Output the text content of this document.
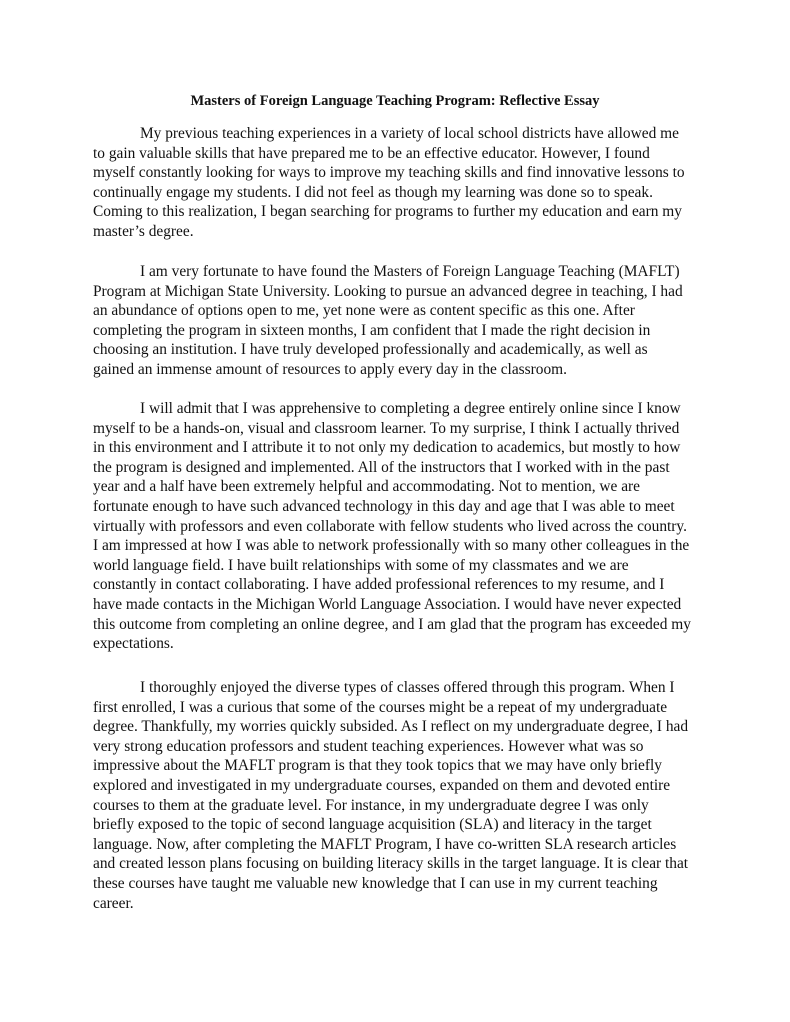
Masters of Foreign Language Teaching Program: Reflective Essay

My previous teaching experiences in a variety of local school districts have allowed me
to gain valuable skills that have prepared me to be an effective educator. However, I found
myself constantly looking for ways to improve my teaching skills and find innovative lessons to
continually engage my students. I did not feel as though my learning was done so to speak.
Coming to this realization, I began searching for programs to further my education and earn my
master’s degree.

I am very fortunate to have found the Masters of Foreign Language Teaching (MAFLT)
Program at Michigan State University. Looking to pursue an advanced degree in teaching, I had
an abundance of options open to me, yet none were as content specific as this one. After
completing the program in sixteen months, I am confident that I made the right decision in
choosing an institution. I have truly developed professionally and academically, as well as
gained an immense amount of resources to apply every day in the classroom.

I will admit that I was apprehensive to completing a degree entirely online since I know
myself to be a hands-on, visual and classroom learner. To my surprise, I think I actually thrived
in this environment and I attribute it to not only my dedication to academics, but mostly to how
the program is designed and implemented. All of the instructors that I worked with in the past
year and a half have been extremely helpful and accommodating. Not to mention, we are
fortunate enough to have such advanced technology in this day and age that I was able to meet
virtually with professors and even collaborate with fellow students who lived across the country.
I am impressed at how I was able to network professionally with so many other colleagues in the
world language field. I have built relationships with some of my classmates and we are
constantly in contact collaborating. I have added professional references to my resume, and I
have made contacts in the Michigan World Language Association. I would have never expected
this outcome from completing an online degree, and I am glad that the program has exceeded my
expectations.

I thoroughly enjoyed the diverse types of classes offered through this program. When I
first enrolled, I was a curious that some of the courses might be a repeat of my undergraduate
degree. Thankfully, my worries quickly subsided. As I reflect on my undergraduate degree, I had
very strong education professors and student teaching experiences. However what was so
impressive about the MAFLT program is that they took topics that we may have only briefly
explored and investigated in my undergraduate courses, expanded on them and devoted entire
courses to them at the graduate level. For instance, in my undergraduate degree I was only
briefly exposed to the topic of second language acquisition (SLA) and literacy in the target
language. Now, after completing the MAFLT Program, I have co-written SLA research articles
and created lesson plans focusing on building literacy skills in the target language. It is clear that
these courses have taught me valuable new knowledge that I can use in my current teaching
career.
